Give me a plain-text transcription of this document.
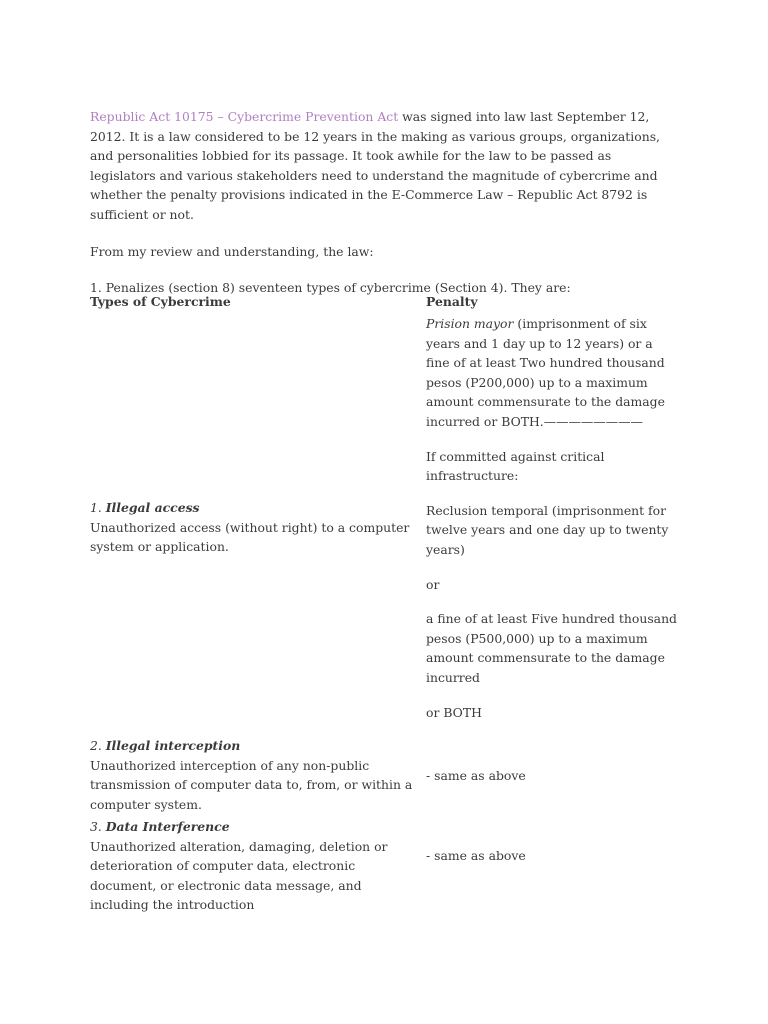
Republic Act 10175 – Cybercrime Prevention Act was signed into law last September 12, 2012. It is a law considered to be 12 years in the making as various groups, organizations, and personalities lobbied for its passage. It took awhile for the law to be passed as legislators and various stakeholders need to understand the magnitude of cybercrime and whether the penalty provisions indicated in the E-Commerce Law – Republic Act 8792 is sufficient or not.

From my review and understanding, the law:

1. Penalizes (section 8) seventeen types of cybercrime (Section 4). They are:

Types of Cybercrime	Penalty

Prision mayor (imprisonment of six years and 1 day up to 12 years) or a fine of at least Two hundred thousand pesos (P200,000) up to a maximum amount commensurate to the damage incurred or BOTH.————————

If committed against critical infrastructure:

Reclusion temporal (imprisonment for twelve years and one day up to twenty years)

or

a fine of at least Five hundred thousand pesos (P500,000) up to a maximum amount commensurate to the damage incurred

or BOTH

1. Illegal access
Unauthorized access (without right) to a computer system or application.
2. Illegal interception
Unauthorized interception of any non-public transmission of computer data to, from, or within a computer system.
- same as above
3. Data Interference
Unauthorized alteration, damaging, deletion or deterioration of computer data, electronic document, or electronic data message, and including the introduction
- same as above
